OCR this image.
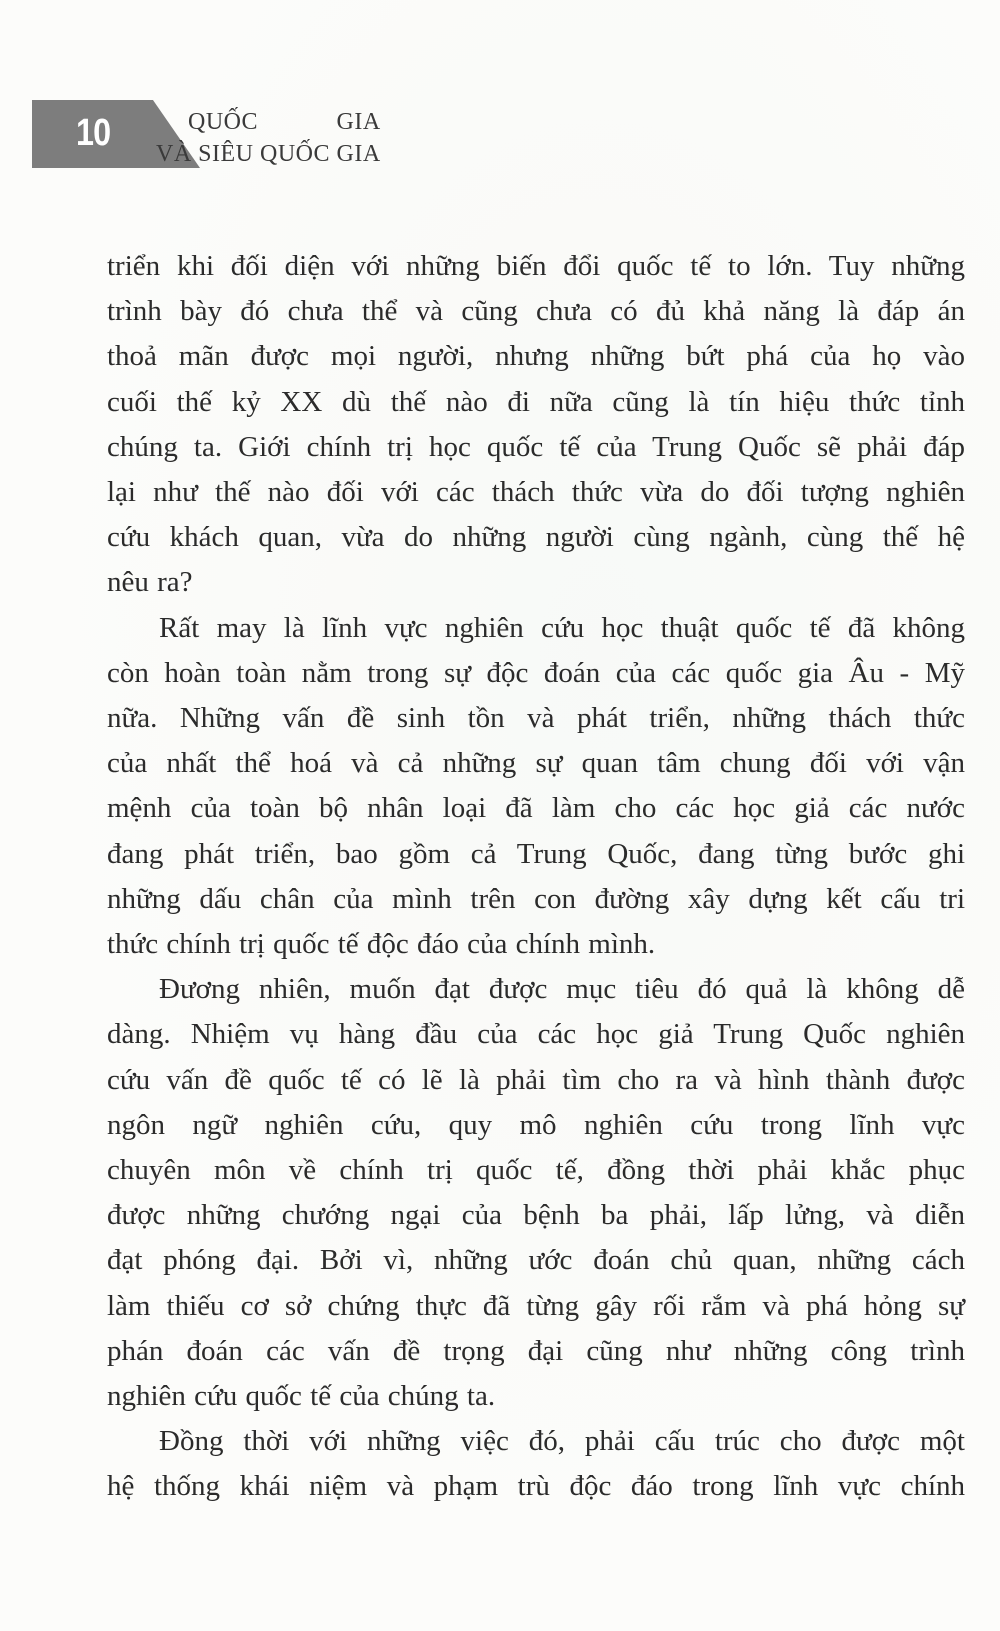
10	QUỐC GIA
VÀ SIÊU QUỐC GIA
triển khi đối diện với những biến đổi quốc tế to lớn. Tuy những
trình bày đó chưa thể và cũng chưa có đủ khả năng là đáp án
thoả mãn được mọi người, nhưng những bứt phá của họ vào
cuối thế kỷ XX dù thế nào đi nữa cũng là tín hiệu thức tỉnh
chúng ta. Giới chính trị học quốc tế của Trung Quốc sẽ phải đáp
lại như thế nào đối với các thách thức vừa do đối tượng nghiên
cứu khách quan, vừa do những người cùng ngành, cùng thế hệ
nêu ra?
Rất may là lĩnh vực nghiên cứu học thuật quốc tế đã không
còn hoàn toàn nằm trong sự độc đoán của các quốc gia Âu - Mỹ
nữa. Những vấn đề sinh tồn và phát triển, những thách thức
của nhất thể hoá và cả những sự quan tâm chung đối với vận
mệnh của toàn bộ nhân loại đã làm cho các học giả các nước
đang phát triển, bao gồm cả Trung Quốc, đang từng bước ghi
những dấu chân của mình trên con đường xây dựng kết cấu tri
thức chính trị quốc tế độc đáo của chính mình.
Đương nhiên, muốn đạt được mục tiêu đó quả là không dễ
dàng. Nhiệm vụ hàng đầu của các học giả Trung Quốc nghiên
cứu vấn đề quốc tế có lẽ là phải tìm cho ra và hình thành được
ngôn ngữ nghiên cứu, quy mô nghiên cứu trong lĩnh vực
chuyên môn về chính trị quốc tế, đồng thời phải khắc phục
được những chướng ngại của bệnh ba phải, lấp lửng, và diễn
đạt phóng đại. Bởi vì, những ước đoán chủ quan, những cách
làm thiếu cơ sở chứng thực đã từng gây rối rắm và phá hỏng sự
phán đoán các vấn đề trọng đại cũng như những công trình
nghiên cứu quốc tế của chúng ta.
Đồng thời với những việc đó, phải cấu trúc cho được một
hệ thống khái niệm và phạm trù độc đáo trong lĩnh vực chính
